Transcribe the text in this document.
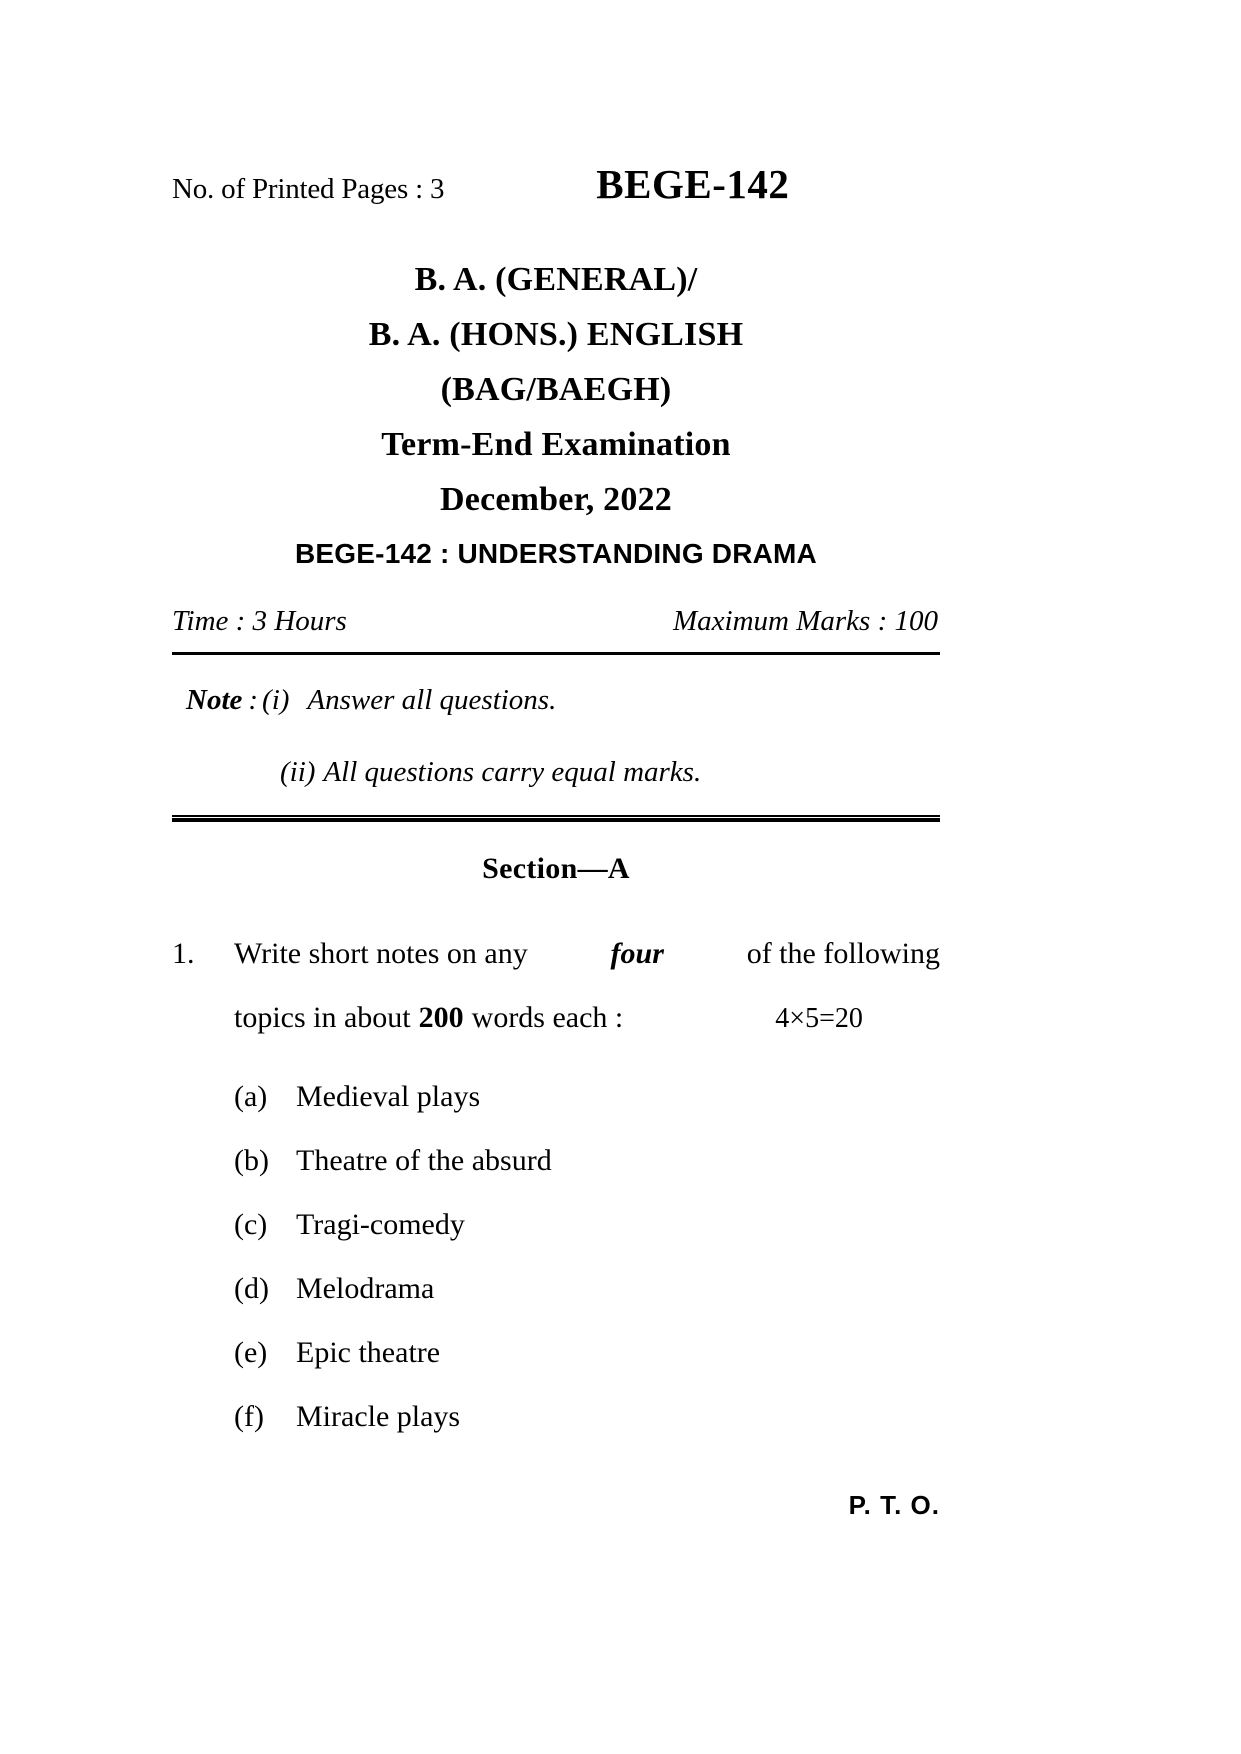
No. of Printed Pages : 3	BEGE-142
B. A. (GENERAL)/
B. A. (HONS.) ENGLISH
(BAG/BAEGH)
Term-End Examination
December, 2022
BEGE-142 : UNDERSTANDING DRAMA
Time : 3 Hours	Maximum Marks : 100
Note : (i) Answer all questions.
(ii) All questions carry equal marks.
Section—A
1. Write short notes on any	four	of the following
topics in about 200 words each :	4×5=20
(a) Medieval plays
(b) Theatre of the absurd
(c) Tragi-comedy
(d) Melodrama
(e) Epic theatre
(f)	Miracle plays
P. T. O.
